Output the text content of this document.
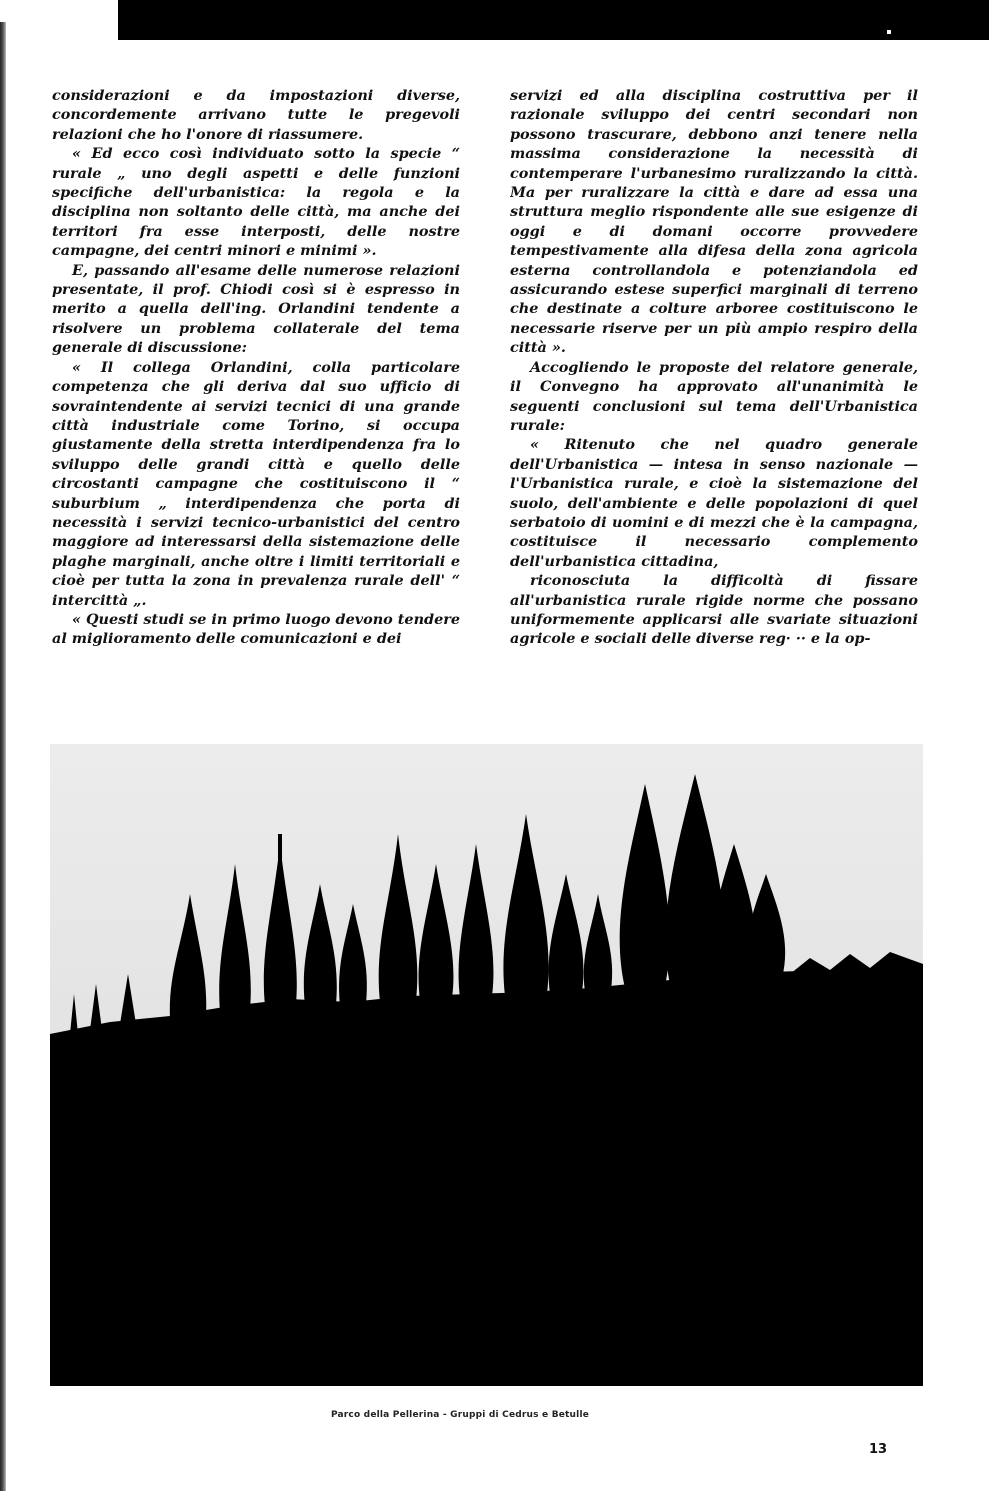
considerazioni e da impostazioni diverse, concordemente arrivano tutte le pregevoli relazioni che ho l'onore di riassumere.

« Ed ecco così individuato sotto la specie “ rurale „ uno degli aspetti e delle funzioni specifiche dell'urbanistica: la regola e la disciplina non soltanto delle città, ma anche dei territori fra esse interposti, delle nostre campagne, dei centri minori e minimi ».

E, passando all'esame delle numerose relazioni presentate, il prof. Chiodi così si è espresso in merito a quella dell'ing. Orlandini tendente a risolvere un problema collaterale del tema generale di discussione:

« Il collega Orlandini, colla particolare competenza che gli deriva dal suo ufficio di sovraintendente ai servizi tecnici di una grande città industriale come Torino, si occupa giustamente della stretta interdipendenza fra lo sviluppo delle grandi città e quello delle circostanti campagne che costituiscono il “ suburbium „ interdipendenza che porta di necessità i servizi tecnico-urbanistici del centro maggiore ad interessarsi della sistemazione delle plaghe marginali, anche oltre i limiti territoriali e cioè per tutta la zona in prevalenza rurale dell' “ intercittà „.

« Questi studi se in primo luogo devono tendere al miglioramento delle comunicazioni e dei

servizi ed alla disciplina costruttiva per il razionale sviluppo dei centri secondari non possono trascurare, debbono anzi tenere nella massima considerazione la necessità di contemperare l'urbanesimo ruralizzando la città. Ma per ruralizzare la città e dare ad essa una struttura meglio rispondente alle sue esigenze di oggi e di domani occorre provvedere tempestivamente alla difesa della zona agricola esterna controllandola e potenziandola ed assicurando estese superfici marginali di terreno che destinate a colture arboree costituiscono le necessarie riserve per un più ampio respiro della città ».

Accogliendo le proposte del relatore generale, il Convegno ha approvato all'unanimità le seguenti conclusioni sul tema dell'Urbanistica rurale:

« Ritenuto che nel quadro generale dell'Urbanistica — intesa in senso nazionale — l'Urbanistica rurale, e cioè la sistemazione del suolo, dell'ambiente e delle popolazioni di quel serbatoio di uomini e di mezzi che è la campagna, costituisce il necessario complemento dell'urbanistica cittadina,

riconosciuta la difficoltà di fissare all'urbanistica rurale rigide norme che possano uniformemente applicarsi alle svariate situazioni agricole e sociali delle diverse reg· ·· e la op-

Parco della Pellerina - Gruppi di Cedrus e Betulle
13
